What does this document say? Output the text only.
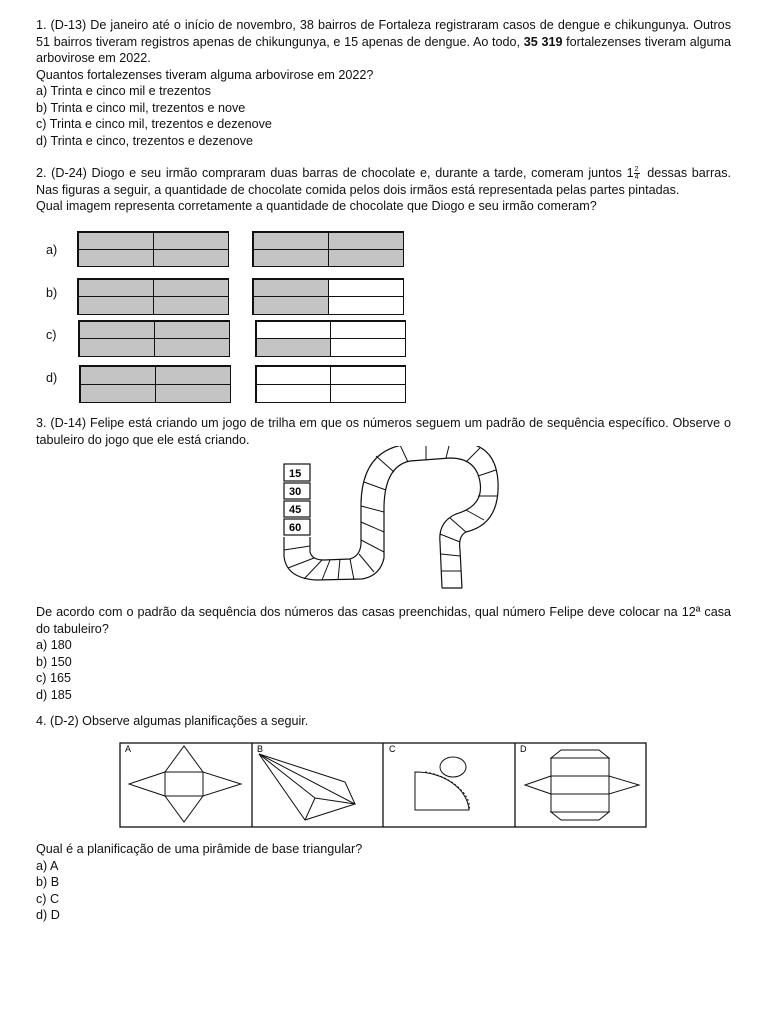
1. (D-13) De janeiro até o início de novembro, 38 bairros de Fortaleza registraram casos de dengue e chikungunya. Outros 51 bairros tiveram registros apenas de chikungunya, e 15 apenas de dengue. Ao todo, 35 319 fortalezenses tiveram alguma arbovirose em 2022.

Quantos fortalezenses tiveram alguma arbovirose em 2022?

a) Trinta e cinco mil e trezentos

b) Trinta e cinco mil, trezentos e nove

c) Trinta e cinco mil, trezentos e dezenove

d) Trinta e cinco, trezentos e dezenove

2. (D-24) Diogo e seu irmão compraram duas barras de chocolate e, durante a tarde, comeram juntos $1 \frac{2}{4}$ dessas barras. Nas figuras a seguir, a quantidade de chocolate comida pelos dois irmãos está representada pelas partes pintadas.

Qual imagem representa corretamente a quantidade de chocolate que Diogo e seu irmão comeram?

a)
b)
c)
d)

3. (D-14) Felipe está criando um jogo de trilha em que os números seguem um padrão de sequência específico. Observe o tabuleiro do jogo que ele está criando.

15
30
45
60

De acordo com o padrão da sequência dos números das casas preenchidas, qual número Felipe deve colocar na 12ª casa do tabuleiro?

a) 180

b) 150

c) 165

d) 185

4. (D-2) Observe algumas planificações a seguir.

A	B	C	D

Qual é a planificação de uma pirâmide de base triangular?

a) A

b) B

c) C

d) D
